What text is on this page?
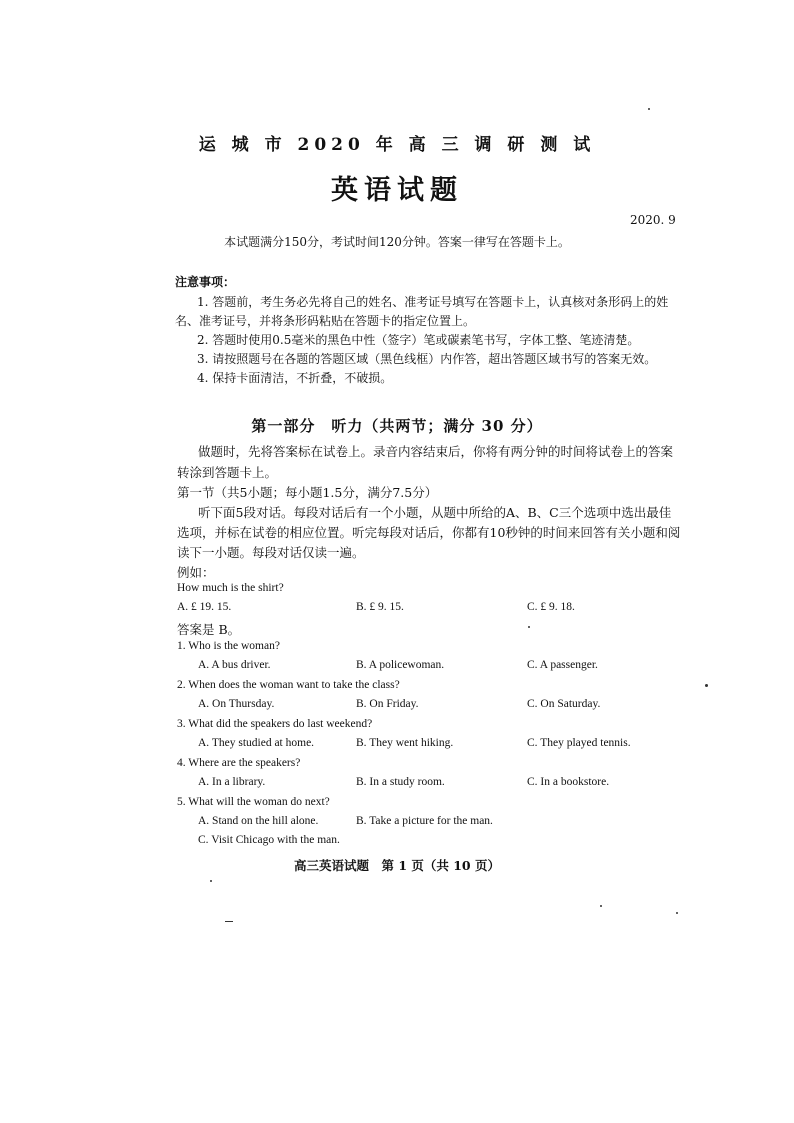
运 城 市 2020 年 高 三 调 研 测 试
英语试题
2020. 9
本试题满分150分，考试时间120分钟。答案一律写在答题卡上。
注意事项：
1. 答题前，考生务必先将自己的姓名、准考证号填写在答题卡上，认真核对条形码上的姓
名、准考证号，并将条形码粘贴在答题卡的指定位置上。
2. 答题时使用0.5毫米的黑色中性（签字）笔或碳素笔书写，字体工整、笔迹清楚。
3. 请按照题号在各题的答题区域（黑色线框）内作答，超出答题区域书写的答案无效。
4. 保持卡面清洁，不折叠，不破损。
第一部分　听力（共两节；满分 30 分）
做题时，先将答案标在试卷上。录音内容结束后，你将有两分钟的时间将试卷上的答案
转涂到答题卡上。
第一节（共5小题；每小题1.5分，满分7.5分）
听下面5段对话。每段对话后有一个小题，从题中所给的A、B、C三个选项中选出最佳
选项，并标在试卷的相应位置。听完每段对话后，你都有10秒钟的时间来回答有关小题和阅
读下一小题。每段对话仅读一遍。
例如：
How much is the shirt?
A. £ 19. 15.	B. £ 9. 15.	C. £ 9. 18.
答案是 B。
1. Who is the woman?
A. A bus driver.	B. A policewoman.	C. A passenger.
2. When does the woman want to take the class?
A. On Thursday.	B. On Friday.	C. On Saturday.
3. What did the speakers do last weekend?
A. They studied at home.	B. They went hiking.	C. They played tennis.
4. Where are the speakers?
A. In a library.	B. In a study room.	C. In a bookstore.
5. What will the woman do next?
A. Stand on the hill alone.	B. Take a picture for the man.
C. Visit Chicago with the man.
高三英语试题　第 1 页（共 10 页）
